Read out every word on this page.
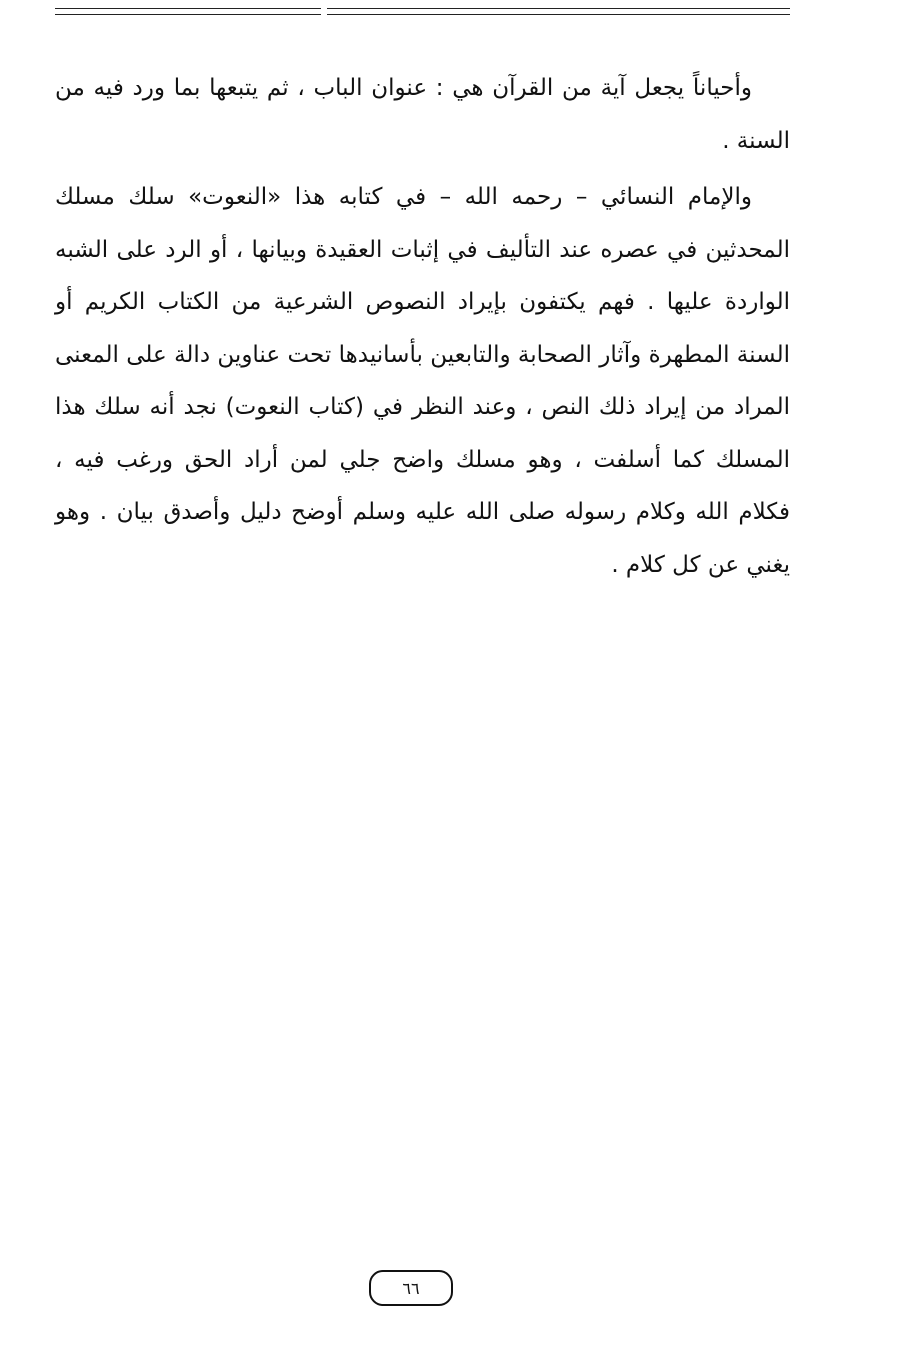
وأحياناً يجعل آية من القرآن هي : عنوان الباب ، ثم يتبعها بما ورد فيه من السنة .

والإمام النسائي – رحمه الله – في كتابه هذا «النعوت» سلك مسلك المحدثين في عصره عند التأليف في إثبات العقيدة وبيانها ، أو الرد على الشبه الواردة عليها . فهم يكتفون بإيراد النصوص الشرعية من الكتاب الكريم أو السنة المطهرة وآثار الصحابة والتابعين بأسانيدها تحت عناوين دالة على المعنى المراد من إيراد ذلك النص ، وعند النظر في (كتاب النعوت) نجد أنه سلك هذا المسلك كما أسلفت ، وهو مسلك واضح جلي لمن أراد الحق ورغب فيه ، فكلام الله وكلام رسوله صلى الله عليه وسلم أوضح دليل وأصدق بيان . وهو يغني عن كل كلام .

٦٦
